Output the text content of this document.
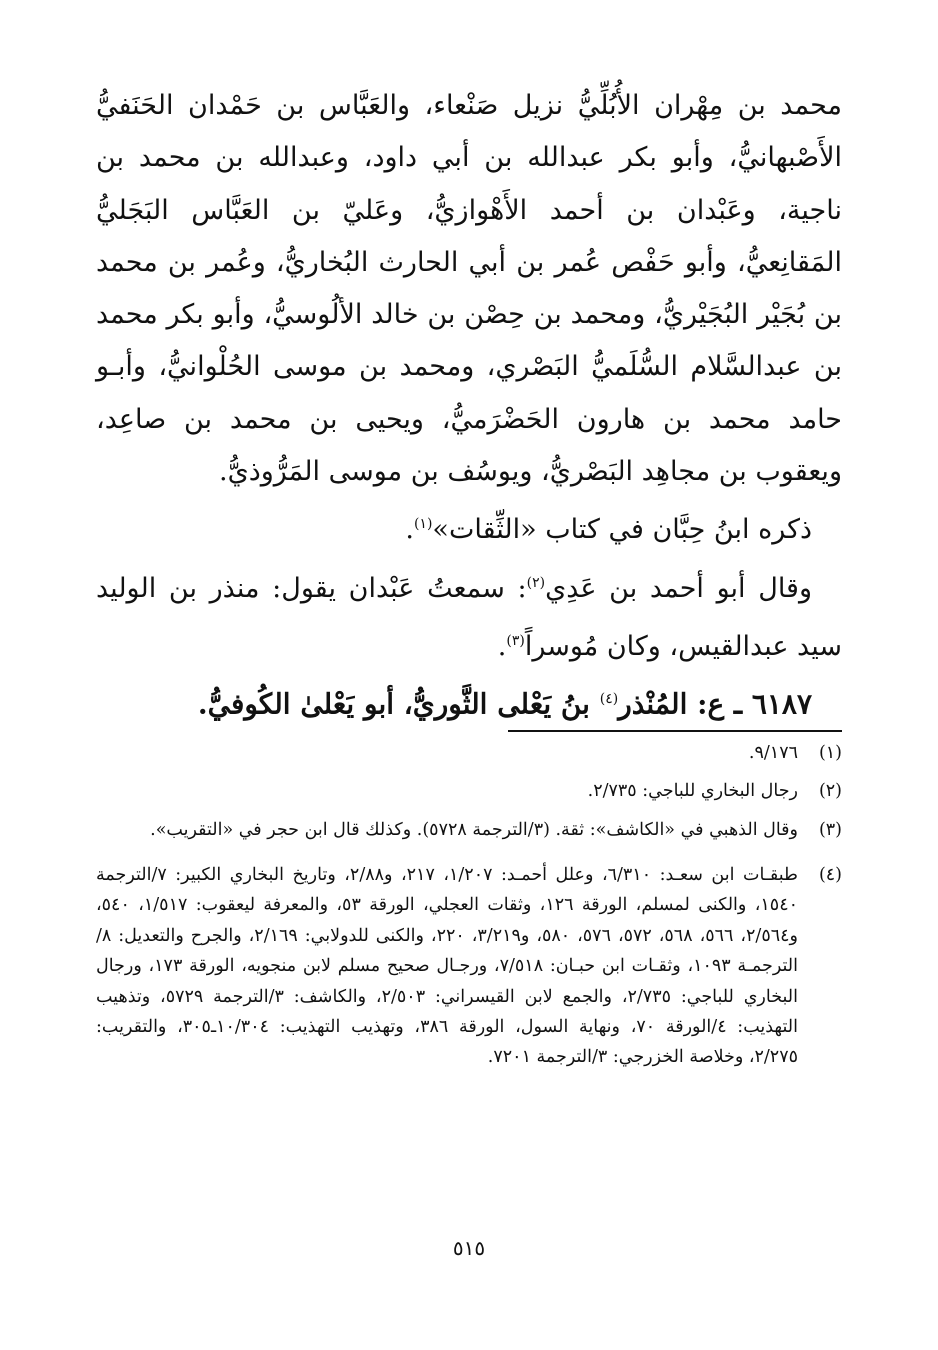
محمد بن مِهْران الأُبُلِّيُّ نزيل صَنْعاء، والعَبَّاس بن حَمْدان الحَنَفيُّ الأَصْبهانيُّ، وأبو بكر عبدالله بن أبي داود، وعبدالله بن محمد بن ناجية، وعَبْدان بن أحمد الأَهْوازيُّ، وعَليّ بن العَبَّاس البَجَليُّ المَقانِعيُّ، وأبو حَفْص عُمر بن أبي الحارث البُخاريُّ، وعُمر بن محمد بن بُجَيْر البُجَيْريُّ، ومحمد بن حِصْن بن خالد الألُوسيُّ، وأبو بكر محمد بن عبدالسَّلام السُّلَميُّ البَصْري، ومحمد بن موسى الحُلْوانيُّ، وأبـو حامد محمد بن هارون الحَضْرَميُّ، ويحيى بن محمد بن صاعِد، ويعقوب بن مجاهِد البَصْريُّ، ويوسُف بن موسى المَرُّوذيُّ.

ذكره ابنُ حِبَّان في كتاب «الثِّقات»$^{(١)}$.

وقال أبو أحمد بن عَدِي$^{(٢)}$: سمعتُ عَبْدان يقول: منذر بن الوليد سيد عبدالقيس، وكان مُوسراً$^{(٣)}$.

٦١٨٧ ـ ع: المُنْذر$^{(٤)}$ بنُ يَعْلى الثَّوريُّ، أبو يَعْلىٰ الكُوفيُّ.

(١)
٩/١٧٦.
(٢)
رجال البخاري للباجي: ٢/٧٣٥.
(٣)
وقال الذهبي في «الكاشف»: ثقة. (٣/الترجمة ٥٧٢٨). وكذلك قال ابن حجر في «التقريب».
(٤)
طبقـات ابن سعـد: ٦/٣١٠، وعلل أحمـد: ١/٢٠٧، ٢١٧، و٢/٨٨، وتاريخ البخاري الكبير: ٧/الترجمة ١٥٤٠، والكنى لمسلم، الورقة ١٢٦، وثقات العجلي، الورقة ٥٣، والمعرفة ليعقوب: ١/٥١٧، ٥٤٠، و٢/٥٦٤، ٥٦٦، ٥٦٨، ٥٧٢، ٥٧٦، ٥٨٠، و٣/٢١٩، ٢٢٠، والكنى للدولابي: ٢/١٦٩، والجرح والتعديل: ٨/الترجمـة ١٠٩٣، وثقـات ابن حبـان: ٧/٥١٨، ورجـال صحيح مسلم لابن منجويه، الورقة ١٧٣، ورجال البخاري للباجي: ٢/٧٣٥، والجمع لابن القيسراني: ٢/٥٠٣، والكاشف: ٣/الترجمة ٥٧٢٩، وتذهيب التهذيب: ٤/الورقة ٧٠، ونهاية السول، الورقة ٣٨٦، وتهذيب التهذيب: ١٠/٣٠٤ـ٣٠٥، والتقريب: ٢/٢٧٥، وخلاصة الخزرجي: ٣/الترجمة ٧٢٠١.
٥١٥
